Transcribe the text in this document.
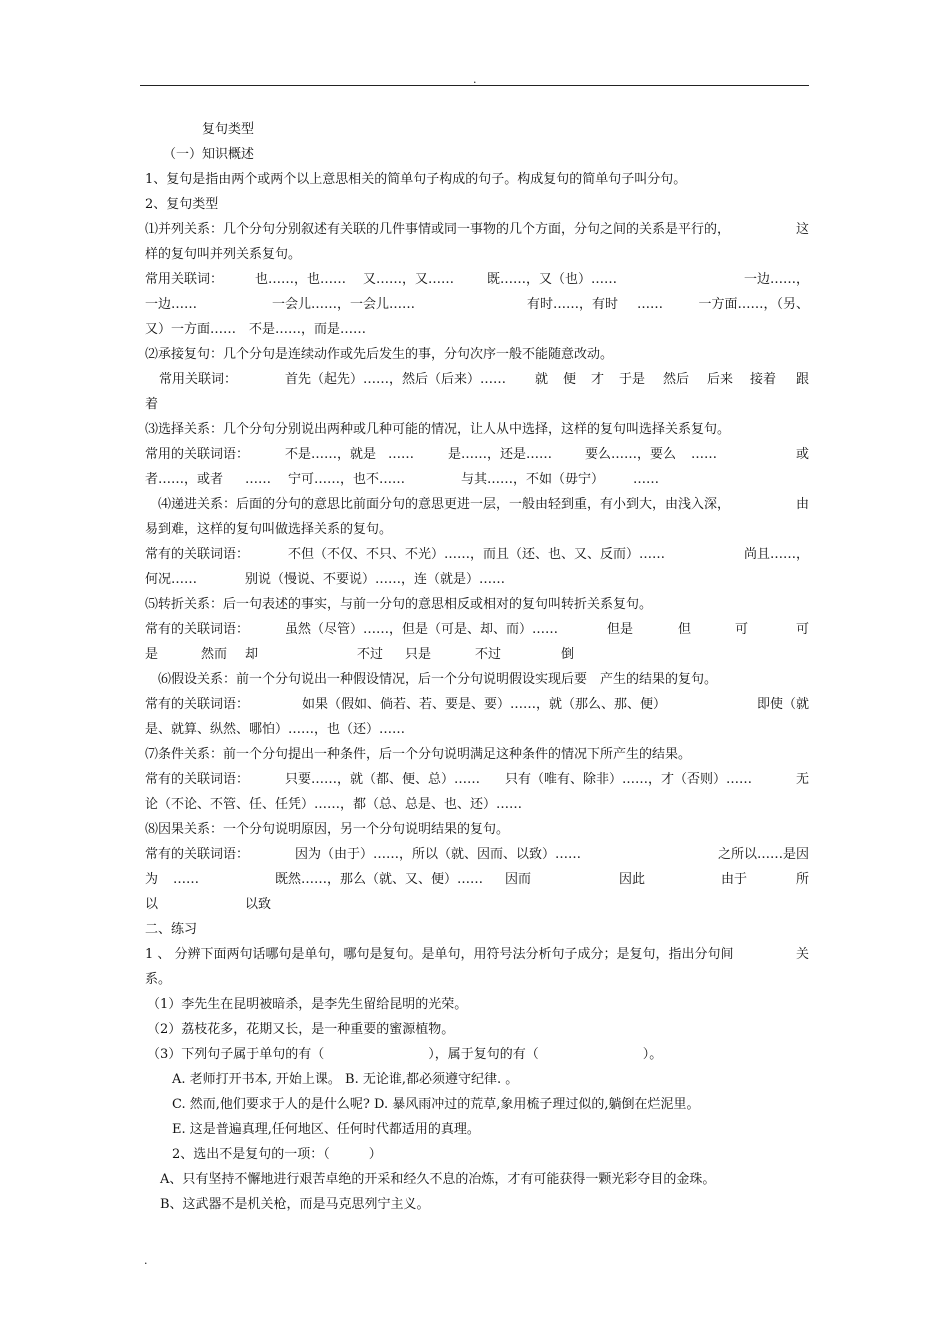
.
复句类型
（一）知识概述
1、复句是指由两个或两个以上意思相关的简单句子构成的句子。构成复句的简单句子叫分句。
2、复句类型
⑴并列关系：几个分句分别叙述有关联的几件事情或同一事物的几个方面，分句之间的关系是平行的，	这
样的复句叫并列关系复句。
常用关联词： 也……，也…… 又……，又……	既……，又（也）……	一边……，
一边……	一会儿……，一会儿……	有时……，有时 ……	一方面……，（另、
又）一方面……　不是……，而是……
⑵承接复句：几个分句是连续动作或先后发生的事，分句次序一般不能随意改动。
常用关联词：	首先（起先）……，然后（后来）…… 就 便 才 于是 然后 后来 接着 跟
着
⑶选择关系：几个分句分别说出两种或几种可能的情况，让人从中选择，这样的复句叫选择关系复句。
常用的关联词语：	不是……，就是 ……	是……，还是……	要么……，要么 ……	或
者……，或者 …… 宁可……，也不……	与其……，不如（毋宁） ……
⑷递进关系：后面的分句的意思比前面分句的意思更进一层，一般由轻到重，有小到大，由浅入深，	由
易到难，这样的复句叫做选择关系的复句。
常有的关联词语：	不但（不仅、不只、不光）……，而且（还、也、又、反而）……	尚且……，
何况……	别说（慢说、不要说）……，连（就是）……
⑸转折关系：后一句表述的事实，与前一分句的意思相反或相对的复句叫转折关系复句。
常有的关联词语：	虽然（尽管）……，但是（可是、却、而）……	但是	但	可	可
是	然而 却	不过 只是	不过	倒
⑹假设关系：前一个分句说出一种假设情况，后一个分句说明假设实现后要　产生的结果的复句。
常有的关联词语：	如果（假如、倘若、若、要是、要）……，就（那么、那、便）	即使（就
是、就算、纵然、哪怕）……，也（还）……
⑺条件关系：前一个分句提出一种条件，后一个分句说明满足这种条件的情况下所产生的结果。
常有的关联词语：	只要……，就（都、便、总）…… 只有（唯有、除非）……，才（否则）……	无
论（不论、不管、任、任凭）……，都（总、总是、也、还）……
⑻因果关系：一个分句说明原因，另一个分句说明结果的复句。
常有的关联词语：	因为（由于）……，所以（就、因而、以致）……	之所以……是因
为 ……	既然……，那么（就、又、便）…… 因而	因此	由于	所
以	以致
二、练习
1 、 分辨下面两句话哪句是单句，哪句是复句。是单句，用符号法分析句子成分；是复句，指出分句间	关
系。
（1）李先生在昆明被暗杀，是李先生留给昆明的光荣。
（2）荔枝花多，花期又长，是一种重要的蜜源植物。
（3）下列句子属于单句的有（　　　　　　　　），属于复句的有（　　　　　　　　）。
A. 老师打开书本, 开始上课。 B. 无论谁,都必须遵守纪律. 。
C. 然而,他们要求于人的是什么呢? D. 暴风雨冲过的荒草,象用梳子理过似的,躺倒在烂泥里。
E. 这是普遍真理,任何地区、任何时代都适用的真理。
2、选出不是复句的一项：（　　　）
A、只有坚持不懈地进行艰苦卓绝的开采和经久不息的冶炼，才有可能获得一颗光彩夺目的金珠。
B、这武器不是机关枪，而是马克思列宁主义。
.
